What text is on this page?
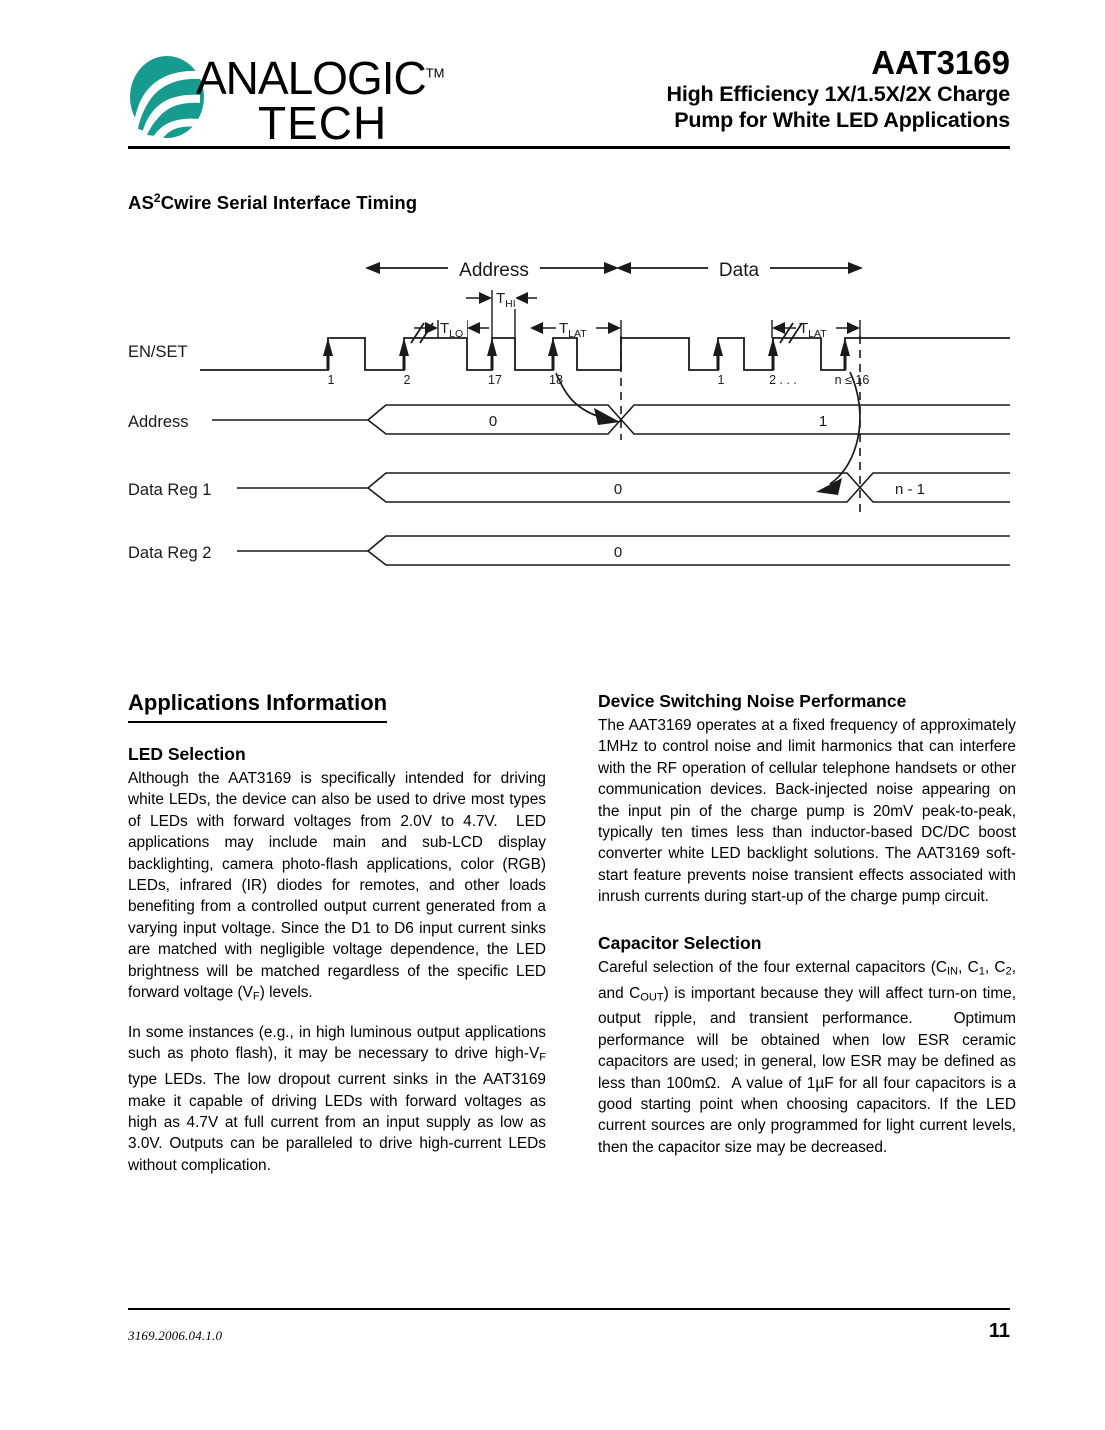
ANALOGIC™
TECH
AAT3169
High Efficiency 1X/1.5X/2X Charge
Pump for White LED Applications
$AS^2Cwire$ Serial Interface Timing
Address	Data
$T_{HI}$
$T_{LO}$	$T_{LAT}$	$T_{LAT}$
EN/SET
1	2	17	18	1	2 . . .	n ≤ 16
Address	0	1
Data Reg 1	0	n - 1
Data Reg 2	0
Applications Information
LED Selection

Although the AAT3169 is specifically intended for driving white LEDs, the device can also be used to drive most types of LEDs with forward voltages from 2.0V to 4.7V.  LED applications may include main and sub-LCD display backlighting, camera photo-flash applications, color (RGB) LEDs, infrared (IR) diodes for remotes, and other loads benefiting from a controlled output current generated from a varying input voltage. Since the D1 to D6 input current sinks are matched with negligible voltage dependence, the LED brightness will be matched regardless of the specific LED forward voltage $(V_F)$ levels.

In some instances (e.g., in high luminous output applications such as photo flash), it may be necessary to drive high-$V_F$ type LEDs. The low dropout current sinks in the AAT3169 make it capable of driving LEDs with forward voltages as high as 4.7V at full current from an input supply as low as 3.0V. Outputs can be paralleled to drive high-current LEDs without complication.

Device Switching Noise Performance

The AAT3169 operates at a fixed frequency of approximately 1MHz to control noise and limit harmonics that can interfere with the RF operation of cellular telephone handsets or other communication devices. Back-injected noise appearing on the input pin of the charge pump is 20mV peak-to-peak, typically ten times less than inductor-based DC/DC boost converter white LED backlight solutions. The AAT3169 soft-start feature prevents noise transient effects associated with inrush currents during start-up of the charge pump circuit.

Capacitor Selection

Careful selection of the four external capacitors ($C_{IN}$, $C_1$, $C_2$, and $C_{OUT}$) is important because they will affect turn-on time, output ripple, and transient performance.   Optimum performance will be obtained when low ESR ceramic capacitors are used; in general, low ESR may be defined as less than 100mΩ.  A value of 1µF for all four capacitors is a good starting point when choosing capacitors. If the LED current sources are only programmed for light current levels, then the capacitor size may be decreased.

3169.2006.04.1.0	11
